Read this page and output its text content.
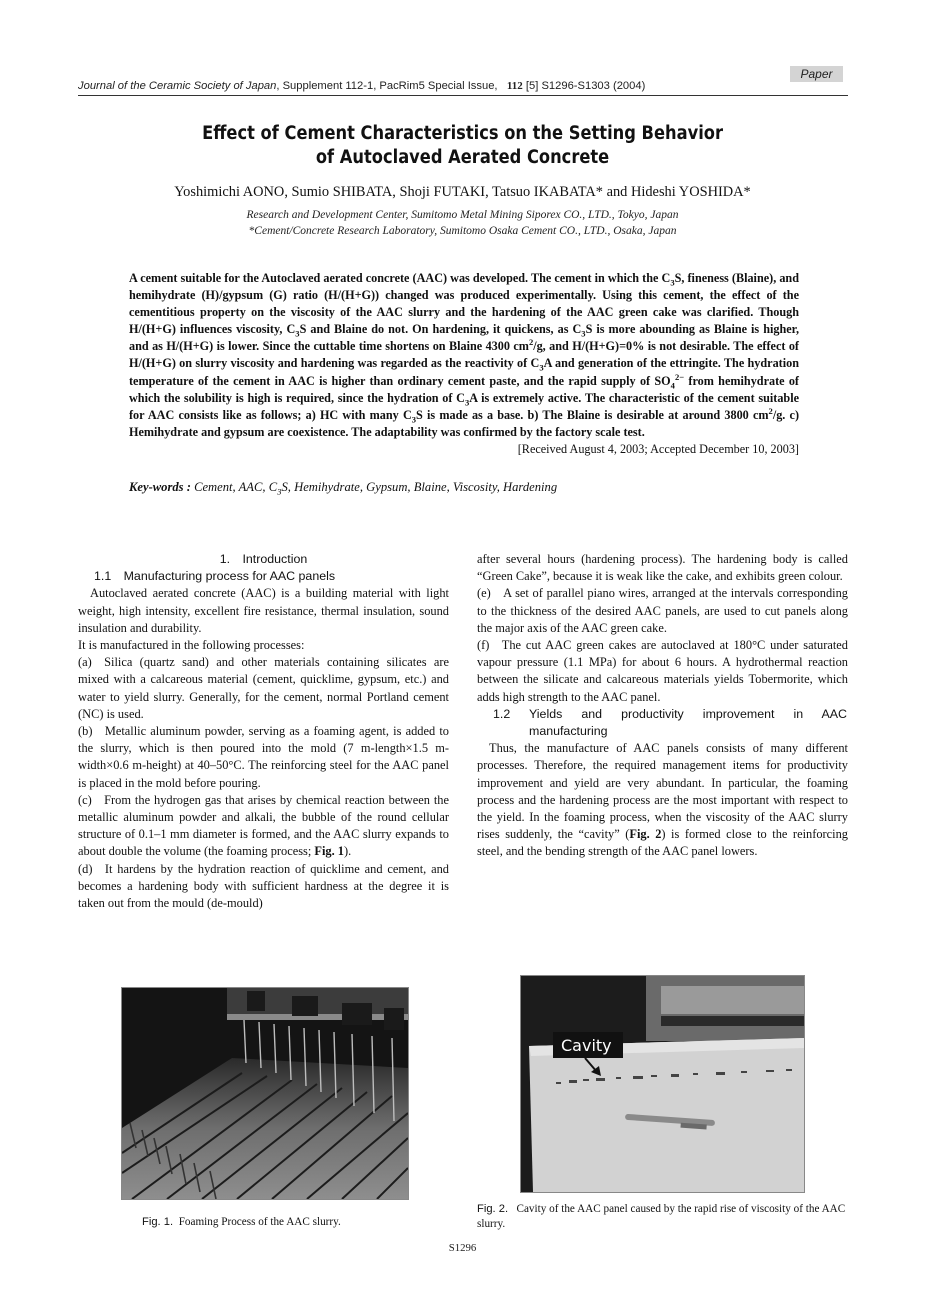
Journal of the Ceramic Society of Japan, Supplement 112-1, PacRim5 Special Issue, 112 [5] S1296-S1303 (2004)
Paper
Effect of Cement Characteristics on the Setting Behavior
of Autoclaved Aerated Concrete
Yoshimichi AONO, Sumio SHIBATA, Shoji FUTAKI, Tatsuo IKABATA* and Hideshi YOSHIDA*
Research and Development Center, Sumitomo Metal Mining Siporex CO., LTD., Tokyo, Japan
*Cement/Concrete Research Laboratory, Sumitomo Osaka Cement CO., LTD., Osaka, Japan
A cement suitable for the Autoclaved aerated concrete (AAC) was developed. The cement in which the $C_3S$, fineness (Blaine), and hemihydrate (H)/gypsum (G) ratio (H/(H+G)) changed was produced experimentally. Using this cement, the effect of the cementitious property on the viscosity of the AAC slurry and the hardening of the AAC green cake was clarified. Though H/(H+G) influences viscosity, $C_3S$ and Blaine do not. On hardening, it quickens, as $C_3S$ is more abounding as Blaine is higher, and as H/(H+G) is lower. Since the cuttable time shortens on Blaine 4300 $cm^2/g$, and H/(H+G)=0% is not desirable. The effect of H/(H+G) on slurry viscosity and hardening was regarded as the reactivity of $C_3A$ and generation of the ettringite. The hydration temperature of the cement in AAC is higher than ordinary cement paste, and the rapid supply of $SO_4^{2-}$ from hemihydrate of which the solubility is high is required, since the hydration of $C_3A$ is extremely active. The characteristic of the cement suitable for AAC consists like as follows; a) HC with many $C_3S$ is made as a base. b) The Blaine is desirable at around 3800 $cm^2/g$. c) Hemihydrate and gypsum are coexistence. The adaptability was confirmed by the factory scale test.
[Received August 4, 2003; Accepted December 10, 2003]
Key-words : Cement, AAC, $C_3S$, Hemihydrate, Gypsum, Blaine, Viscosity, Hardening

1. Introduction

1.1 Manufacturing process for AAC panels

Autoclaved aerated concrete (AAC) is a building material with light weight, high intensity, excellent fire resistance, thermal insulation, sound insulation and durability.

It is manufactured in the following processes:

(a) Silica (quartz sand) and other materials containing silicates are mixed with a calcareous material (cement, quicklime, gypsum, etc.) and water to yield slurry. Generally, for the cement, normal Portland cement (NC) is used.

(b) Metallic aluminum powder, serving as a foaming agent, is added to the slurry, which is then poured into the mold (7 m-length×1.5 m-width×0.6 m-height) at 40–50°C. The reinforcing steel for the AAC panel is placed in the mold before pouring.

(c) From the hydrogen gas that arises by chemical reaction between the metallic aluminum powder and alkali, the bubble of the round cellular structure of 0.1–1 mm diameter is formed, and the AAC slurry expands to about double the volume (the foaming process; Fig. 1).

(d) It hardens by the hydration reaction of quicklime and cement, and becomes a hardening body with sufficient hardness at the degree it is taken out from the mould (de-mould)

after several hours (hardening process). The hardening body is called “Green Cake”, because it is weak like the cake, and exhibits green colour.

(e) A set of parallel piano wires, arranged at the intervals corresponding to the thickness of the desired AAC panels, are used to cut panels along the major axis of the AAC green cake.

(f) The cut AAC green cakes are autoclaved at 180°C under saturated vapour pressure (1.1 MPa) for about 6 hours. A hydrothermal reaction between the silicate and calcareous materials yields Tobermorite, which adds high strength to the AAC panel.

1.2 Yields and productivity improvement in AAC
manufacturing

Thus, the manufacture of AAC panels consists of many different processes. Therefore, the required management items for productivity improvement and yield are very abundant. In particular, the foaming process and the hardening process are the most important with respect to the yield. In the foaming process, when the viscosity of the AAC slurry rises suddenly, the “cavity” (Fig. 2) is formed close to the reinforcing steel, and the bending strength of the AAC panel lowers.

Fig. 1. Foaming Process of the AAC slurry.
Cavity
Fig. 2. Cavity of the AAC panel caused by the rapid rise of viscosity of the AAC slurry.
S1296
